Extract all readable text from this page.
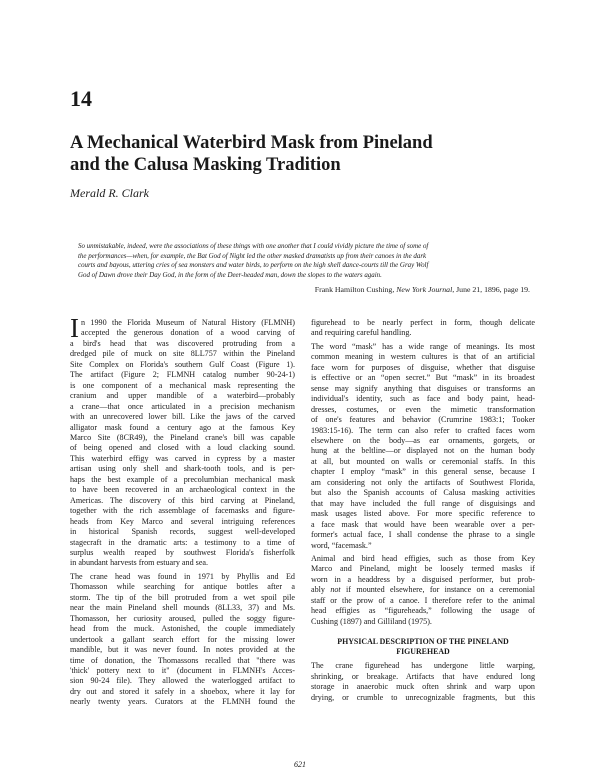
14
A Mechanical Waterbird Mask from Pineland
and the Calusa Masking Tradition
Merald R. Clark

So unmistakable, indeed, were the associations of these things with one another that I could vividly picture the time of some of
the performances—when, for example, the Bat God of Night led the other masked dramatists up from their canoes in the dark
courts and bayous, uttering cries of sea monsters and water birds, to perform on the high shell dance-courts till the Gray Wolf
God of Dawn drove their Day God, in the form of the Deer-headed man, down the slopes to the waters again.

Frank Hamilton Cushing, New York Journal, June 21, 1896, page 19.
I n 1990 the Florida Museum of Natural History (FLMNH)
accepted the generous donation of a wood carving of
a bird's head that was discovered protruding from a
dredged pile of muck on site 8LL757 within the Pineland
Site Complex on Florida's southern Gulf Coast (Figure 1).
The artifact (Figure 2; FLMNH catalog number 90-24-1)
is one component of a mechanical mask representing the
cranium and upper mandible of a waterbird—probably
a crane—that once articulated in a precision mechanism
with an unrecovered lower bill. Like the jaws of the carved
alligator mask found a century ago at the famous Key
Marco Site (8CR49), the Pineland crane's bill was capable
of being opened and closed with a loud clacking sound.
This waterbird effigy was carved in cypress by a master
artisan using only shell and shark-tooth tools, and is per-
haps the best example of a precolumbian mechanical mask
to have been recovered in an archaeological context in the
Americas. The discovery of this bird carving at Pineland,
together with the rich assemblage of facemasks and figure-
heads from Key Marco and several intriguing references
in historical Spanish records, suggest well-developed
stagecraft in the dramatic arts: a testimony to a time of
surplus wealth reaped by southwest Florida's fisherfolk
in abundant harvests from estuary and sea.
The crane head was found in 1971 by Phyllis and Ed
Thomasson while searching for antique bottles after a
storm. The tip of the bill protruded from a wet spoil pile
near the main Pineland shell mounds (8LL33, 37) and Ms.
Thomasson, her curiosity aroused, pulled the soggy figure-
head from the muck. Astonished, the couple immediately
undertook a gallant search effort for the missing lower
mandible, but it was never found. In notes provided at the
time of donation, the Thomassons recalled that "there was
'thick' pottery next to it" (document in FLMNH's Acces-
sion 90-24 file). They allowed the waterlogged artifact to
dry out and stored it safely in a shoebox, where it lay for
nearly twenty years. Curators at the FLMNH found the
figurehead to be nearly perfect in form, though delicate
and requiring careful handling.
The word “mask” has a wide range of meanings. Its most
common meaning in western cultures is that of an artificial
face worn for purposes of disguise, whether that disguise
is effective or an “open secret.” But “mask” in its broadest
sense may signify anything that disguises or transforms an
individual's identity, such as face and body paint, head-
dresses, costumes, or even the mimetic transformation
of one's features and behavior (Crumrine 1983:1; Tooker
1983:15-16). The term can also refer to crafted faces worn
elsewhere on the body—as ear ornaments, gorgets, or
hung at the beltline—or displayed not on the human body
at all, but mounted on walls or ceremonial staffs. In this
chapter I employ “mask” in this general sense, because I
am considering not only the artifacts of Southwest Florida,
but also the Spanish accounts of Calusa masking activities
that may have included the full range of disguisings and
mask usages listed above. For more specific reference to
a face mask that would have been wearable over a per-
former's actual face, I shall condense the phrase to a single
word, “facemask.”
Animal and bird head effigies, such as those from Key
Marco and Pineland, might be loosely termed masks if
worn in a headdress by a disguised performer, but prob-
ably not if mounted elsewhere, for instance on a ceremonial
staff or the prow of a canoe. I therefore refer to the animal
head effigies as “figureheads,” following the usage of
Cushing (1897) and Gilliland (1975).
PHYSICAL DESCRIPTION OF THE PINELAND
FIGUREHEAD
The crane figurehead has undergone little warping,
shrinking, or breakage. Artifacts that have endured long
storage in anaerobic muck often shrink and warp upon
drying, or crumble to unrecognizable fragments, but this
621
